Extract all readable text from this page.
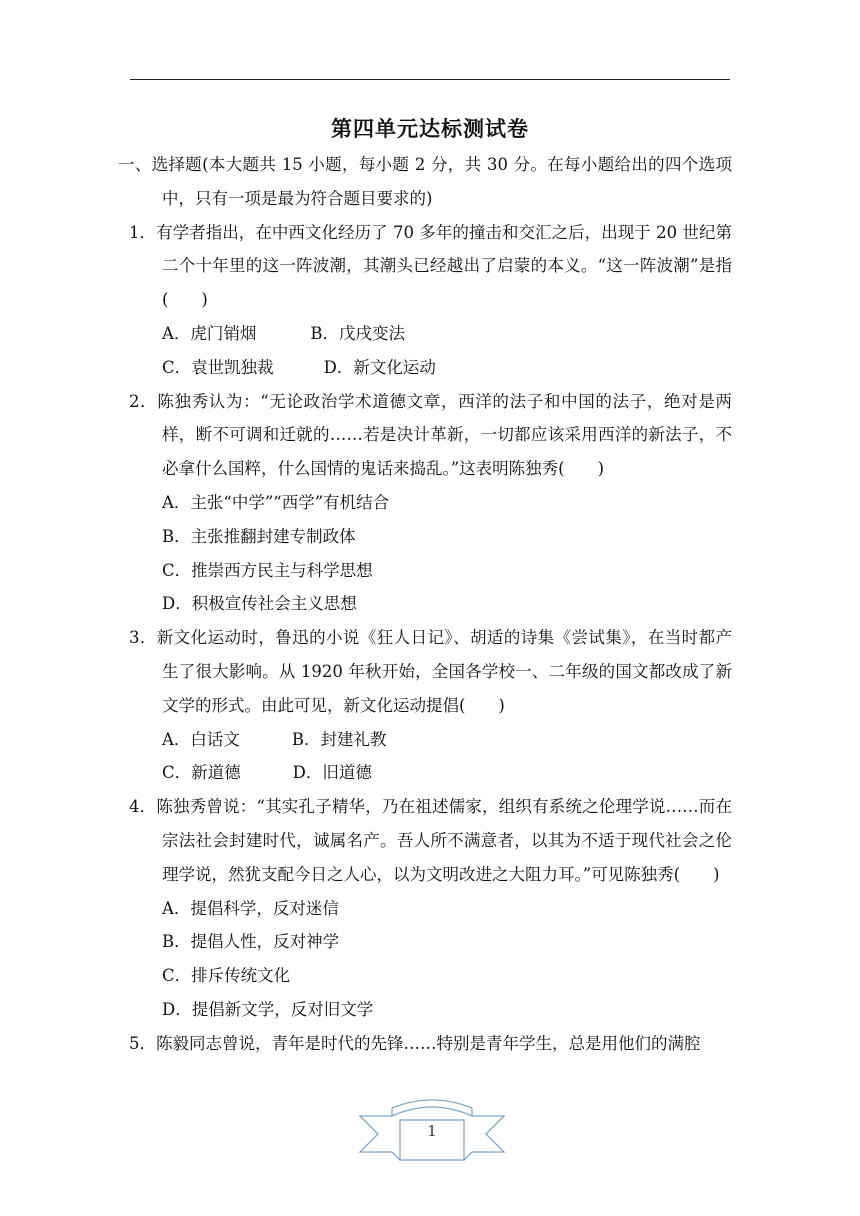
第四单元达标测试卷
一、选择题(本大题共 15 小题，每小题 2 分，共 30 分。在每小题给出的四个选项中，只有一项是最为符合题目要求的)
1．有学者指出，在中西文化经历了 70 多年的撞击和交汇之后，出现于 20 世纪第二个十年里的这一阵波潮，其潮头已经越出了启蒙的本义。“这一阵波潮”是指(　　)
A．虎门销烟	B．戊戌变法
C．袁世凯独裁	D．新文化运动
2．陈独秀认为：“无论政治学术道德文章，西洋的法子和中国的法子，绝对是两样，断不可调和迁就的……若是决计革新，一切都应该采用西洋的新法子，不必拿什么国粹，什么国情的鬼话来捣乱。”这表明陈独秀(　　)
A．主张“中学”“西学”有机结合
B．主张推翻封建专制政体
C．推崇西方民主与科学思想
D．积极宣传社会主义思想
3．新文化运动时，鲁迅的小说《狂人日记》、胡适的诗集《尝试集》，在当时都产生了很大影响。从 1920 年秋开始，全国各学校一、二年级的国文都改成了新文学的形式。由此可见，新文化运动提倡(　　)
A．白话文	B．封建礼教
C．新道德	D．旧道德
4．陈独秀曾说：“其实孔子精华，乃在祖述儒家，组织有系统之伦理学说……而在宗法社会封建时代，诚属名产。吾人所不满意者，以其为不适于现代社会之伦理学说，然犹支配今日之人心，以为文明改进之大阻力耳。”可见陈独秀(　　)
A．提倡科学，反对迷信
B．提倡人性，反对神学
C．排斥传统文化
D．提倡新文学，反对旧文学
5．陈毅同志曾说，青年是时代的先锋……特别是青年学生，总是用他们的满腔
1
